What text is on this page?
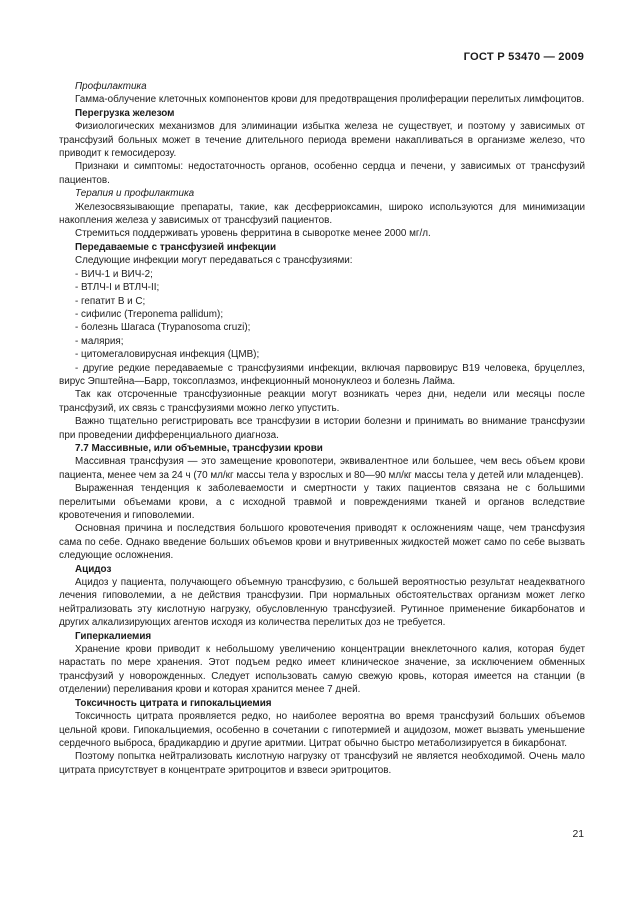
ГОСТ Р 53470 — 2009
Профилактика
Гамма-облучение клеточных компонентов крови для предотвращения пролиферации перелитых лимфоцитов.
Перегрузка железом
Физиологических механизмов для элиминации избытка железа не существует, и поэтому у зависимых от трансфузий больных может в течение длительного периода времени накапливаться в организме железо, что приводит к гемосидерозу.
Признаки и симптомы: недостаточность органов, особенно сердца и печени, у зависимых от трансфузий пациентов.
Терапия и профилактика
Железосвязывающие препараты, такие, как десферриоксамин, широко используются для минимизации накопления железа у зависимых от трансфузий пациентов.
Стремиться поддерживать уровень ферритина в сыворотке менее 2000 мг/л.
Передаваемые с трансфузией инфекции
Следующие инфекции могут передаваться с трансфузиями:
- ВИЧ-1 и ВИЧ-2;
- ВТЛЧ-I и ВТЛЧ-II;
- гепатит В и С;
- сифилис (Treponema pallidum);
- болезнь Шагаса (Trypanosoma cruzi);
- малярия;
- цитомегаловирусная инфекция (ЦМВ);
- другие редкие передаваемые с трансфузиями инфекции, включая парвовирус В19 человека, бруцеллез, вирус Эпштейна—Барр, токсоплазмоз, инфекционный мононуклеоз и болезнь Лайма.
Так как отсроченные трансфузионные реакции могут возникать через дни, недели или месяцы после трансфузий, их связь с трансфузиями можно легко упустить.
Важно тщательно регистрировать все трансфузии в истории болезни и принимать во внимание трансфузии при проведении дифференциального диагноза.
7.7 Массивные, или объемные, трансфузии крови
Массивная трансфузия — это замещение кровопотери, эквивалентное или большее, чем весь объем крови пациента, менее чем за 24 ч (70 мл/кг массы тела у взрослых и 80—90 мл/кг массы тела у детей или младенцев).
Выраженная тенденция к заболеваемости и смертности у таких пациентов связана не с большими перелитыми объемами крови, а с исходной травмой и повреждениями тканей и органов вследствие кровотечения и гиповолемии.
Основная причина и последствия большого кровотечения приводят к осложнениям чаще, чем трансфузия сама по себе. Однако введение больших объемов крови и внутривенных жидкостей может само по себе вызвать следующие осложнения.
Ацидоз
Ацидоз у пациента, получающего объемную трансфузию, с большей вероятностью результат неадекватного лечения гиповолемии, а не действия трансфузии. При нормальных обстоятельствах организм может легко нейтрализовать эту кислотную нагрузку, обусловленную трансфузией. Рутинное применение бикарбонатов и других алкализирующих агентов исходя из количества перелитых доз не требуется.
Гиперкалиемия
Хранение крови приводит к небольшому увеличению концентрации внеклеточного калия, которая будет нарастать по мере хранения. Этот подъем редко имеет клиническое значение, за исключением обменных трансфузий у новорожденных. Следует использовать самую свежую кровь, которая имеется на станции (в отделении) переливания крови и которая хранится менее 7 дней.
Токсичность цитрата и гипокальциемия
Токсичность цитрата проявляется редко, но наиболее вероятна во время трансфузий больших объемов цельной крови. Гипокальциемия, особенно в сочетании с гипотермией и ацидозом, может вызвать уменьшение сердечного выброса, брадикардию и другие аритмии. Цитрат обычно быстро метаболизируется в бикарбонат.
Поэтому попытка нейтрализовать кислотную нагрузку от трансфузий не является необходимой. Очень мало цитрата присутствует в концентрате эритроцитов и взвеси эритроцитов.
21
